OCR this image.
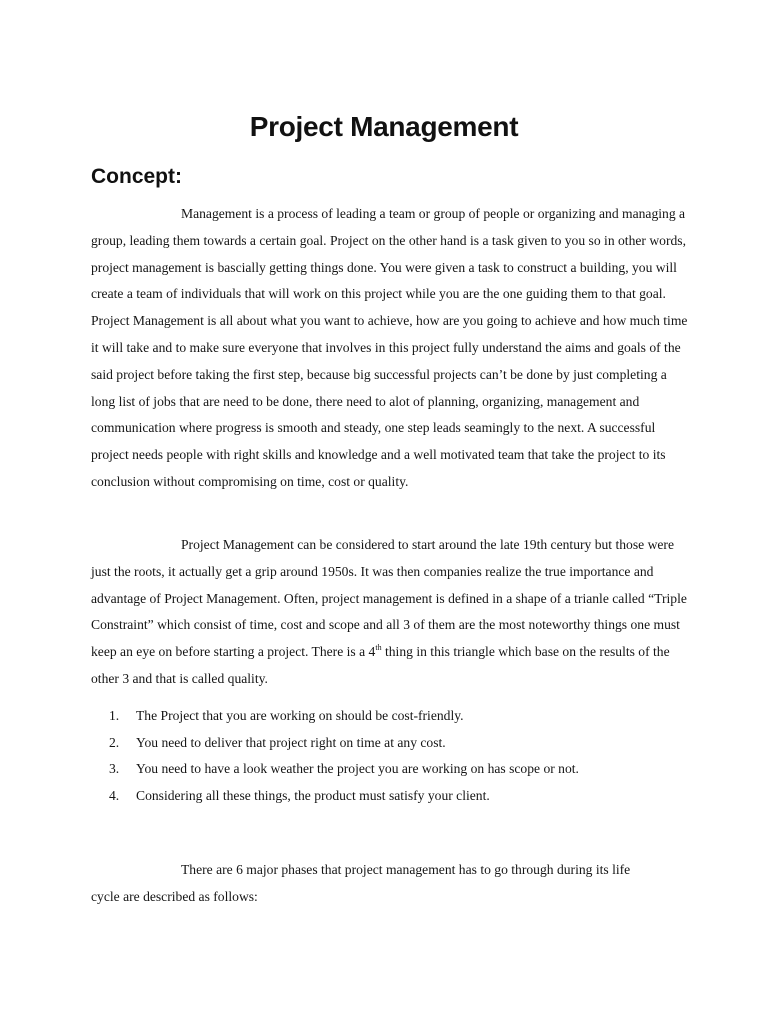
Project Management
Concept:

Management is a process of leading a team or group of people or organizing and managing a group, leading them towards a certain goal. Project on the other hand is a task given to you so in other words, project management is bascially getting things done. You were given a task to construct a building, you will create a team of individuals that will work on this project while you are the one guiding them to that goal. Project Management is all about what you want to achieve, how are you going to achieve and how much time it will take and to make sure everyone that involves in this project fully understand the aims and goals of the said project before taking the first step, because big successful projects can’t be done by just completing a long list of jobs that are need to be done, there need to alot of planning, organizing, management and communication where progress is smooth and steady, one step leads seamingly to the next. A successful project needs people with right skills and knowledge and a well motivated team that take the project to its conclusion without compromising on time, cost or quality.

Project Management can be considered to start around the late 19th century but those were just the roots, it actually get a grip around 1950s. It was then companies realize the true importance and advantage of Project Management. Often, project management is defined in a shape of a trianle called “Triple Constraint” which consist of time, cost and scope and all 3 of them are the most noteworthy things one must keep an eye on before starting a project. There is a 4th thing in this triangle which base on the results of the other 3 and that is called quality.

1. The Project that you are working on should be cost-friendly.
2. You need to deliver that project right on time at any cost.
3. You need to have a look weather the project you are working on has scope or not.
4. Considering all these things, the product must satisfy your client.

There are 6 major phases that project management has to go through during its life cycle are described as follows:
